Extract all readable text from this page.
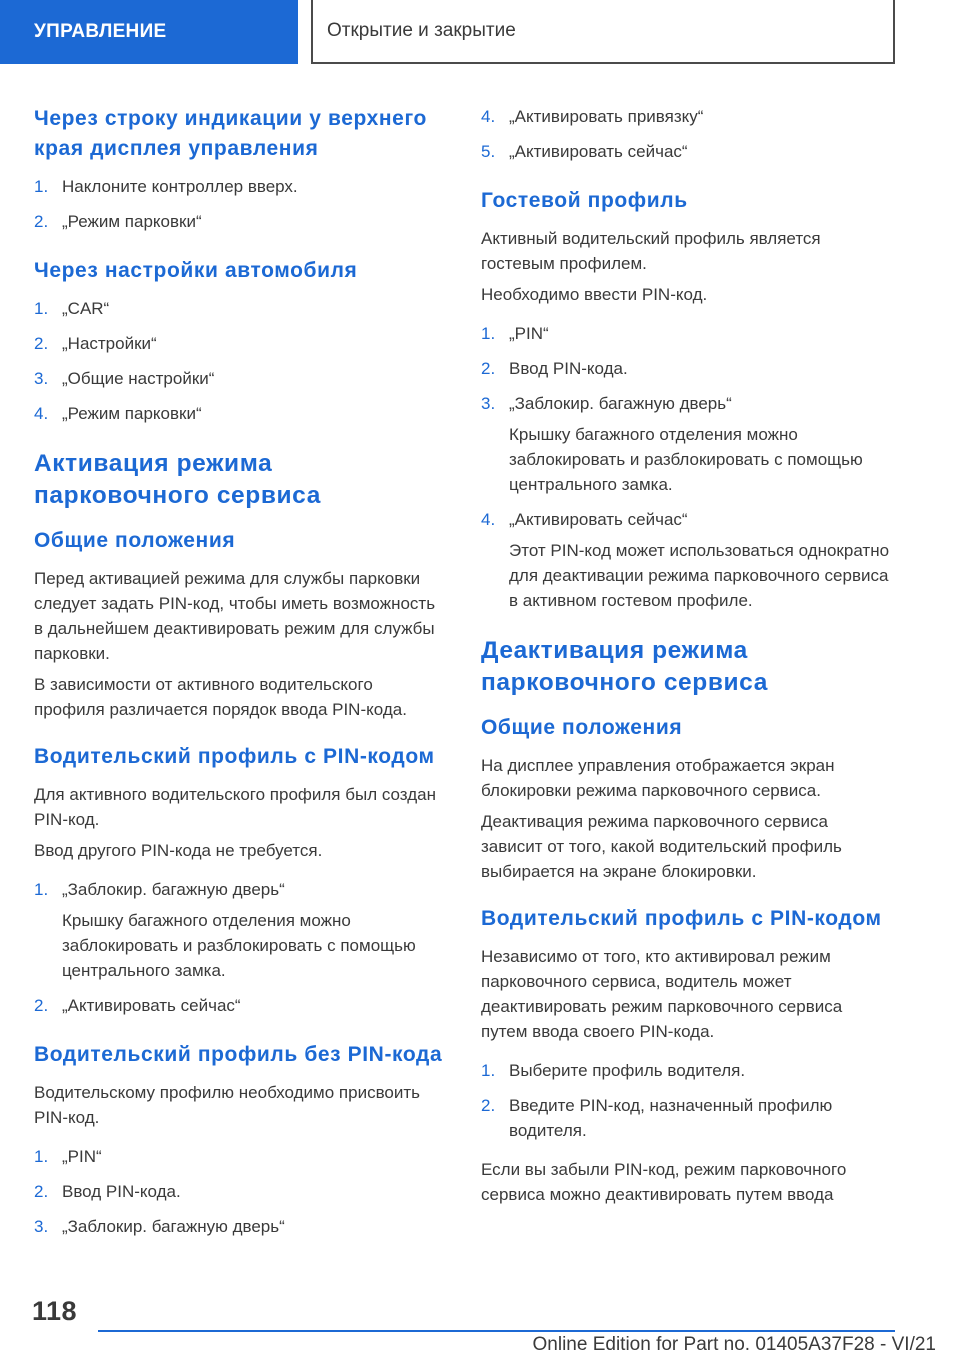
УПРАВЛЕНИЕ	Открытие и закрытие
Через строку индикации у верхнего края дисплея управления
1. Наклоните контроллер вверх.
2. „Режим парковки“
Через настройки автомобиля
1. „CAR“
2. „Настройки“
3. „Общие настройки“
4. „Режим парковки“
Активация режима парковочного сервиса
Общие положения

Перед активацией режима для службы парковки следует задать PIN-код, чтобы иметь возможность в дальнейшем деактивировать режим для службы парковки.

В зависимости от активного водительского профиля различается порядок ввода PIN-кода.

Водительский профиль с PIN-кодом

Для активного водительского профиля был создан PIN-код.

Ввод другого PIN-кода не требуется.

1. „Заблокир. багажную дверь“
Крышку багажного отделения можно заблокировать и разблокировать с помощью центрального замка.
2. „Активировать сейчас“
Водительский профиль без PIN-кода

Водительскому профилю необходимо присвоить PIN-код.

1. „PIN“
2. Ввод PIN-кода.
3. „Заблокир. багажную дверь“
4. „Активировать привязку“
5. „Активировать сейчас“
Гостевой профиль

Активный водительский профиль является гостевым профилем.

Необходимо ввести PIN-код.

1. „PIN“
2. Ввод PIN-кода.
3. „Заблокир. багажную дверь“
Крышку багажного отделения можно заблокировать и разблокировать с помощью центрального замка.
4. „Активировать сейчас“
Этот PIN-код может использоваться однократно для деактивации режима парковочного сервиса в активном гостевом профиле.
Деактивация режима парковочного сервиса
Общие положения

На дисплее управления отображается экран блокировки режима парковочного сервиса.

Деактивация режима парковочного сервиса зависит от того, какой водительский профиль выбирается на экране блокировки.

Водительский профиль с PIN-кодом

Независимо от того, кто активировал режим парковочного сервиса, водитель может деактивировать режим парковочного сервиса путем ввода своего PIN-кода.

1. Выберите профиль водителя.
2. Введите PIN-код, назначенный профилю водителя.

Если вы забыли PIN-код, режим парковочного сервиса можно деактивировать путем ввода

118
Online Edition for Part no. 01405A37F28 - VI/21
